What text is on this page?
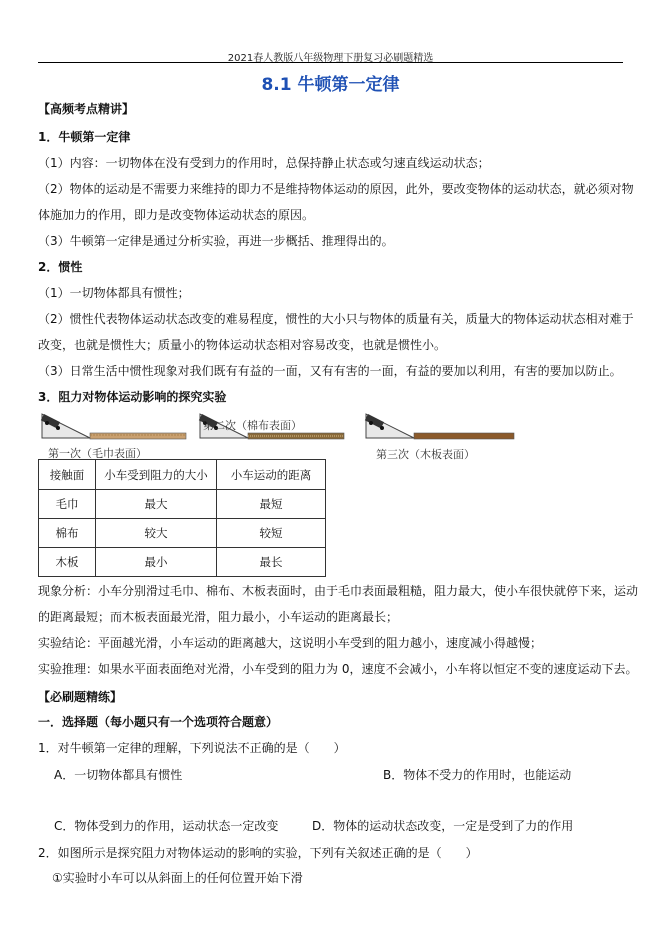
2021春人教版八年级物理下册复习必刷题精选
8.1 牛顿第一定律
【高频考点精讲】
1．牛顿第一定律
（1）内容：一切物体在没有受到力的作用时，总保持静止状态或匀速直线运动状态；
（2）物体的运动是不需要力来维持的即力不是维持物体运动的原因，此外，要改变物体的运动状态，就必须对物
体施加力的作用，即力是改变物体运动状态的原因。
（3）牛顿第一定律是通过分析实验，再进一步概括、推理得出的。
2．惯性
（1）一切物体都具有惯性；
（2）惯性代表物体运动状态改变的难易程度，惯性的大小只与物体的质量有关，质量大的物体运动状态相对难于
改变，也就是惯性大；质量小的物体运动状态相对容易改变，也就是惯性小。
（3）日常生活中惯性现象对我们既有有益的一面，又有有害的一面，有益的要加以利用，有害的要加以防止。
3．阻力对物体运动影响的探究实验
第一次（毛巾表面）
第二次（棉布表面）
第三次（木板表面）
接触面	小车受到阻力的大小	小车运动的距离
毛巾	最大	最短
棉布	较大	较短
木板	最小	最长
现象分析：小车分别滑过毛巾、棉布、木板表面时，由于毛巾表面最粗糙，阻力最大，使小车很快就停下来，运动
的距离最短；而木板表面最光滑，阻力最小，小车运动的距离最长；
实验结论：平面越光滑，小车运动的距离越大，这说明小车受到的阻力越小，速度减小得越慢；
实验推理：如果水平面表面绝对光滑，小车受到的阻力为 0，速度不会减小，小车将以恒定不变的速度运动下去。
【必刷题精练】
一．选择题（每小题只有一个选项符合题意）
1．对牛顿第一定律的理解，下列说法不正确的是（　　）
A．一切物体都具有惯性	B．物体不受力的作用时，也能运动
C．物体受到力的作用，运动状态一定改变	D．物体的运动状态改变，一定是受到了力的作用
2．如图所示是探究阻力对物体运动的影响的实验，下列有关叙述正确的是（　　）
①实验时小车可以从斜面上的任何位置开始下滑
